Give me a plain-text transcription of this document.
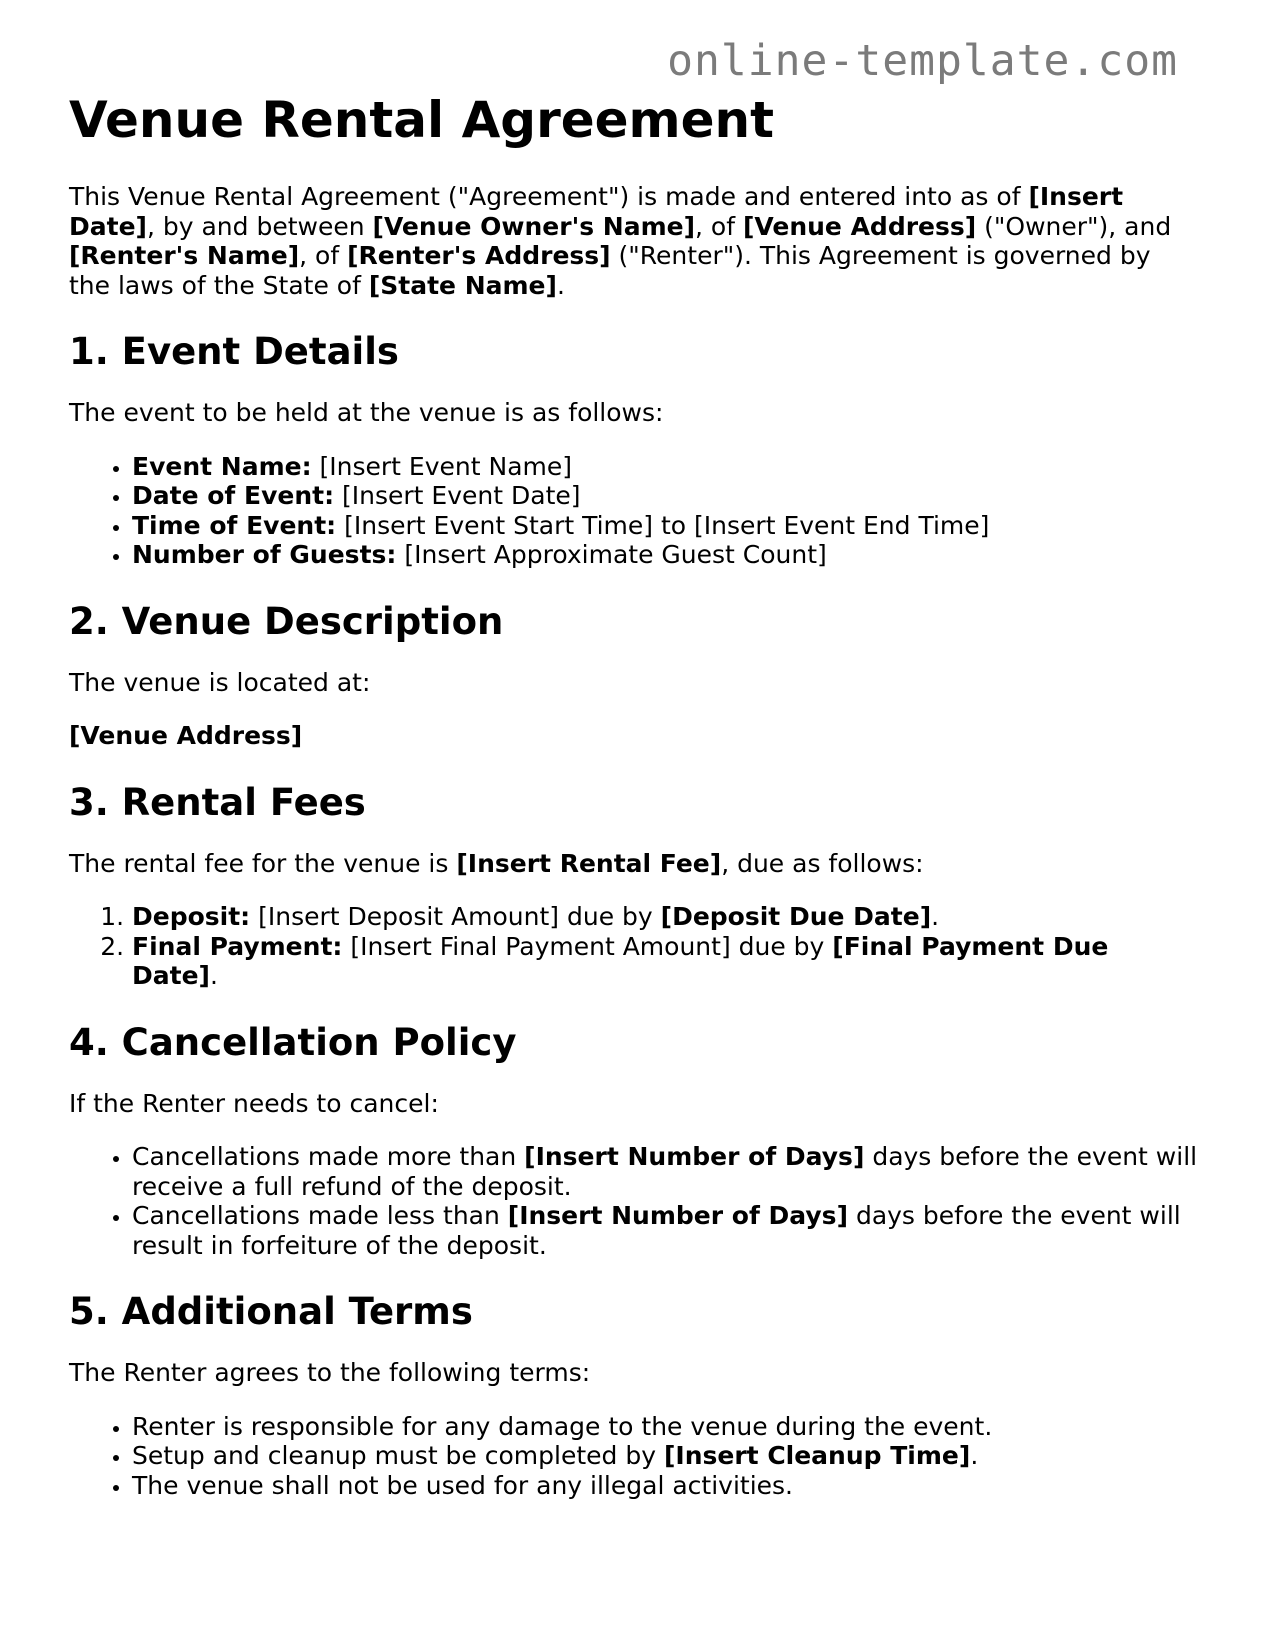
online-template.com
Venue Rental Agreement

This Venue Rental Agreement ("Agreement") is made and entered into as of [Insert Date], by and between [Venue Owner's Name], of [Venue Address] ("Owner"), and [Renter's Name], of [Renter's Address] ("Renter"). This Agreement is governed by the laws of the State of [State Name].

1. Event Details

The event to be held at the venue is as follows:

• Event Name: [Insert Event Name]
• Date of Event: [Insert Event Date]
• Time of Event: [Insert Event Start Time] to [Insert Event End Time]
• Number of Guests: [Insert Approximate Guest Count]
2. Venue Description

The venue is located at:

[Venue Address]

3. Rental Fees

The rental fee for the venue is [Insert Rental Fee], due as follows:

1. Deposit: [Insert Deposit Amount] due by [Deposit Due Date].
2. Final Payment: [Insert Final Payment Amount] due by [Final Payment Due Date].
4. Cancellation Policy

If the Renter needs to cancel:

• Cancellations made more than [Insert Number of Days] days before the event will receive a full refund of the deposit.
• Cancellations made less than [Insert Number of Days] days before the event will result in forfeiture of the deposit.
5. Additional Terms

The Renter agrees to the following terms:

• Renter is responsible for any damage to the venue during the event.
• Setup and cleanup must be completed by [Insert Cleanup Time].
• The venue shall not be used for any illegal activities.
